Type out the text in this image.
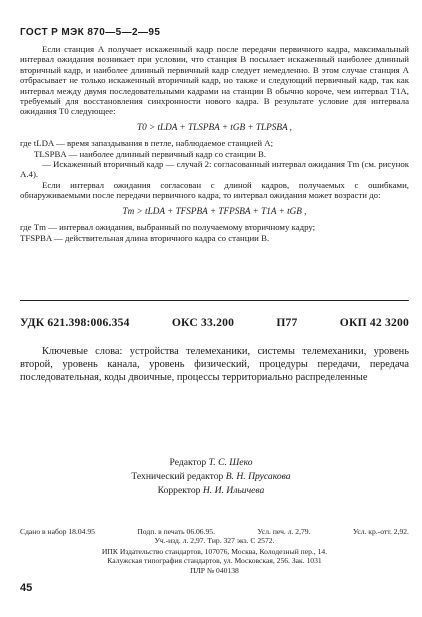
ГОСТ Р МЭК 870—5—2—95

Если станция А получает искаженный кадр после передачи первичного кадра, максимальный интервал ожидания возникает при условии, что станция В посылает искаженный наиболее длинный вторичный кадр, и наиболее длинный первичный кадр следует немедленно. В этом случае станция А отбрасывает не только искаженный вторичный кадр, но также и следующий первичный кадр, так как интервал между двумя последовательными кадрами на станции В обычно короче, чем интервал T1A, требуемый для восстановления синхронности нового кадра. В результате условие для интервала ожидания T0 следующее:

T0 > tLDA + TLSPBA + tGB + TLPSBA ,

где tLDA — время запаздывания в петле, наблюдаемое станцией А;

TLSPBA — наиболее длинный первичный кадр со станции В.

— Искаженный вторичный кадр — случай 2: согласованный интервал ожидания Tm (см. рисунок А.4).

Если интервал ожидания согласован с длиной кадров, получаемых с ошибками, обнаруживаемыми после передачи первичного кадра, то интервал ожидания может возрасти до:

Tm > tLDA + TFSPBA + TFPSBA + T1A + tGB ,

где Tm — интервал ожидания, выбранный по получаемому вторичному кадру;

TFSPBA — действительная длина вторичного кадра со станции В.

УДК 621.398:006.354	ОКС 33.200	П77	ОКП 42 3200

Ключевые слова: устройства телемеханики, системы телемеханики, уровень второй, уровень канала, уровень физический, процедуры передачи, передача последовательная, коды двоичные, процессы территориально распределенные

Редактор Т. С. Шеко
Технический редактор В. Н. Прусакова
Корректор Н. И. Ильичева
Сдано в набор 18.04.95	Подп. в печать 06.06.95.	Усл. печ. л. 2,79.	Усл. кр.-отт. 2,92.
Уч.-изд. л. 2,97. Тир. 327 экз. С 2572.
ИПК Издательство стандартов, 107076, Москва, Колодезный пер., 14.
Калужская типография стандартов, ул. Московская, 256. Зак. 1031
ПЛР № 040138
45
